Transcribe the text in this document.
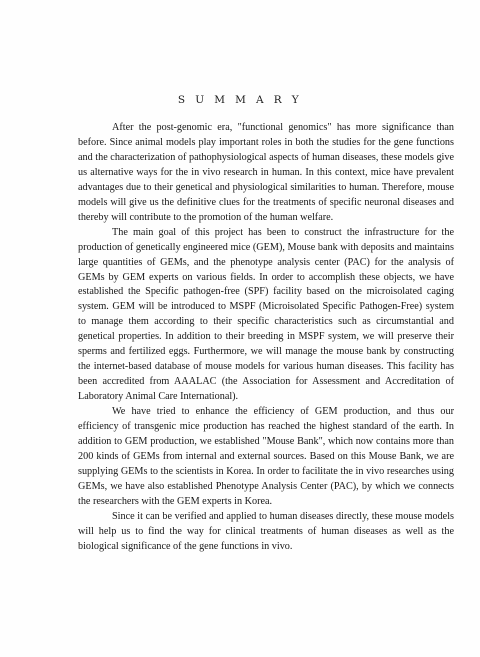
S U M M A R Y

After the post-genomic era, "functional genomics" has more significance than before. Since animal models play important roles in both the studies for the gene functions and the characterization of pathophysiological aspects of human diseases, these models give us alternative ways for the in vivo research in human. In this context, mice have prevalent advantages due to their genetical and physiological similarities to human. Therefore, mouse models will give us the definitive clues for the treatments of specific neuronal diseases and thereby will contribute to the promotion of the human welfare.

The main goal of this project has been to construct the infrastructure for the production of genetically engineered mice (GEM), Mouse bank with deposits and maintains large quantities of GEMs, and the phenotype analysis center (PAC) for the analysis of GEMs by GEM experts on various fields. In order to accomplish these objects, we have established the Specific pathogen-free (SPF) facility based on the microisolated caging system. GEM will be introduced to MSPF (Microisolated Specific Pathogen-Free) system to manage them according to their specific characteristics such as circumstantial and genetical properties. In addition to their breeding in MSPF system, we will preserve their sperms and fertilized eggs. Furthermore, we will manage the mouse bank by constructing the internet-based database of mouse models for various human diseases. This facility has been accredited from AAALAC (the Association for Assessment and Accreditation of Laboratory Animal Care International).

We have tried to enhance the efficiency of GEM production, and thus our efficiency of transgenic mice production has reached the highest standard of the earth. In addition to GEM production, we established "Mouse Bank", which now contains more than 200 kinds of GEMs from internal and external sources. Based on this Mouse Bank, we are supplying GEMs to the scientists in Korea. In order to facilitate the in vivo researches using GEMs, we have also established Phenotype Analysis Center (PAC), by which we connects the researchers with the GEM experts in Korea.

Since it can be verified and applied to human diseases directly, these mouse models will help us to find the way for clinical treatments of human diseases as well as the biological significance of the gene functions in vivo.
